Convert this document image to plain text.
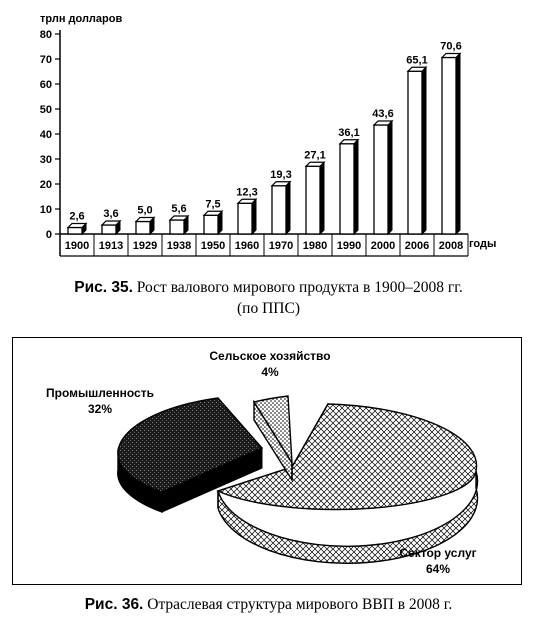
0
10
20
30
40
50
60
70
80
2,6 3,6 5,0 5,6 7,5
12,3
19,3
27,1
36,1
43,6
65,1
70,6
1900 1913 1929 1938 1950 1960 1970 1980 1990 2000 2006 2008
трлн долларов
годы
Рис. 35. Рост валового мирового продукта в 1900–2008 гг.
(по ППС)
Сельское хозяйство
4%
Промышленность
32%
Сектор услуг
64%
Рис. 36. Отраслевая структура мирового ВВП в 2008 г.
